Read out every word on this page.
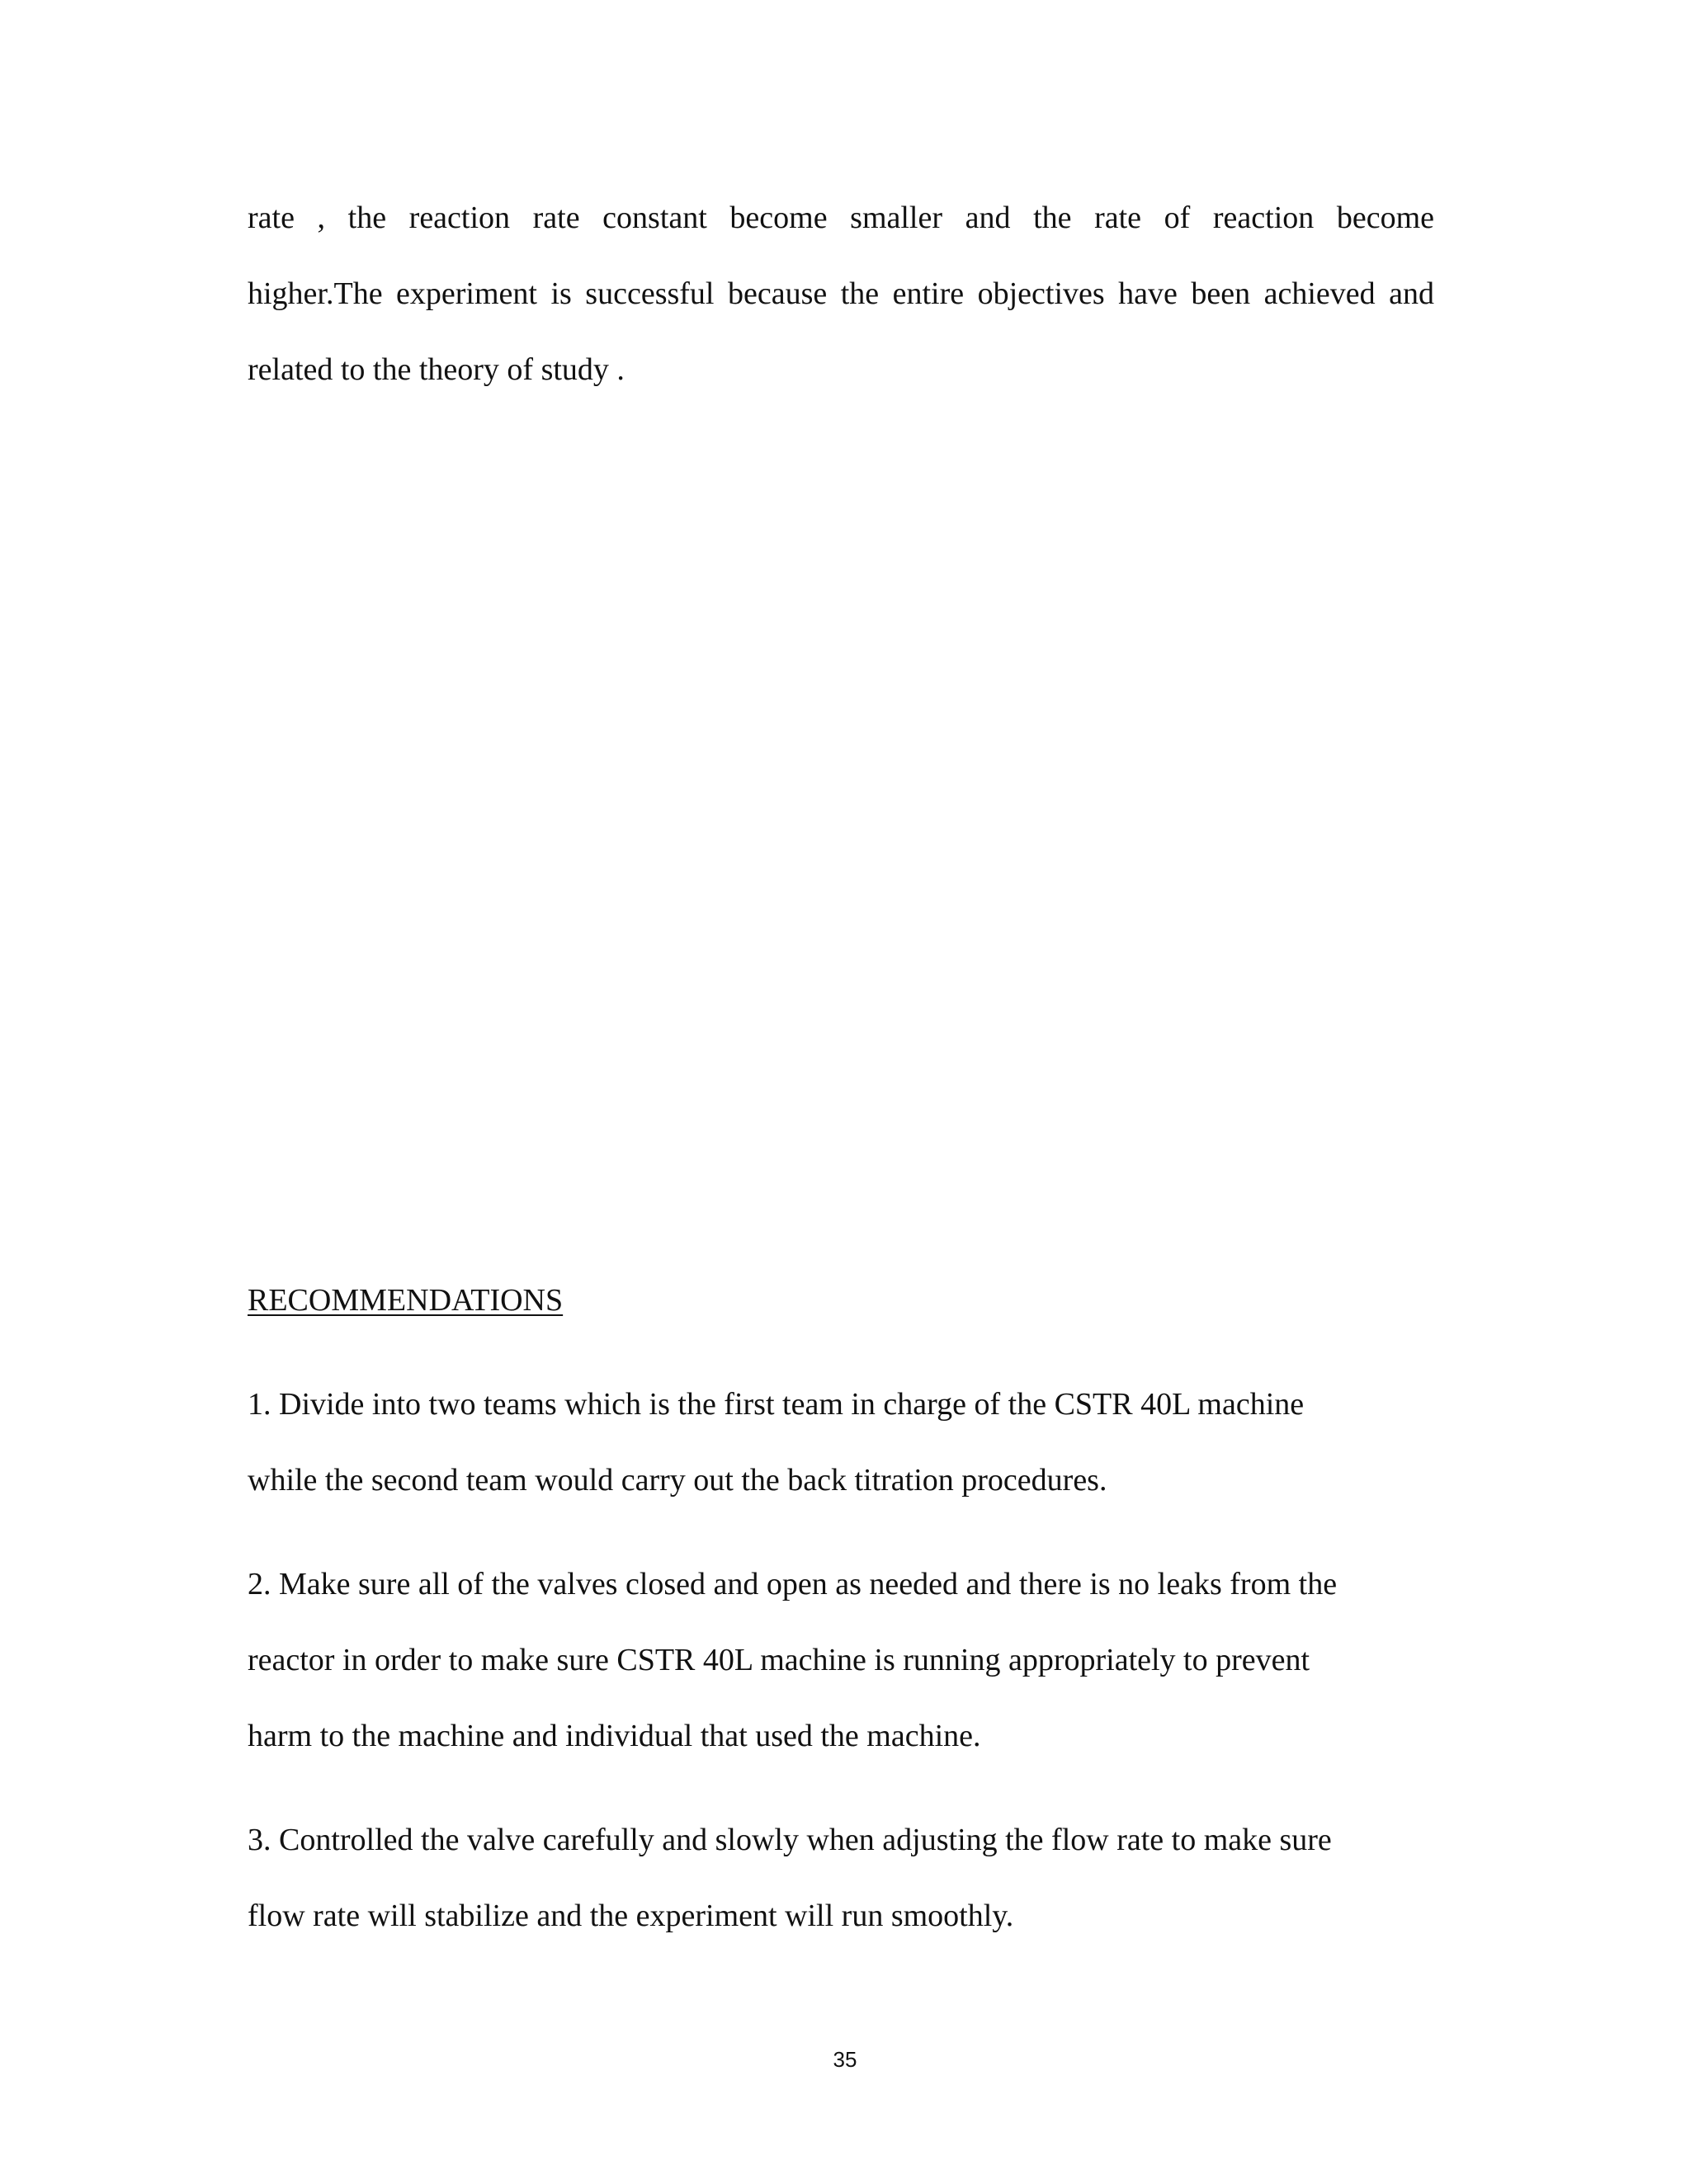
rate , the reaction rate constant become smaller and the rate of reaction become
higher.The experiment is successful because the entire objectives have been achieved and
related to the theory of study .
RECOMMENDATIONS
1. Divide into two teams which is the first team in charge of the CSTR 40L machine
while the second team would carry out the back titration procedures.
2. Make sure all of the valves closed and open as needed and there is no leaks from the
reactor in order to make sure CSTR 40L machine is running appropriately to prevent
harm to the machine and individual that used the machine.
3. Controlled the valve carefully and slowly when adjusting the flow rate to make sure
flow rate will stabilize and the experiment will run smoothly.
35
